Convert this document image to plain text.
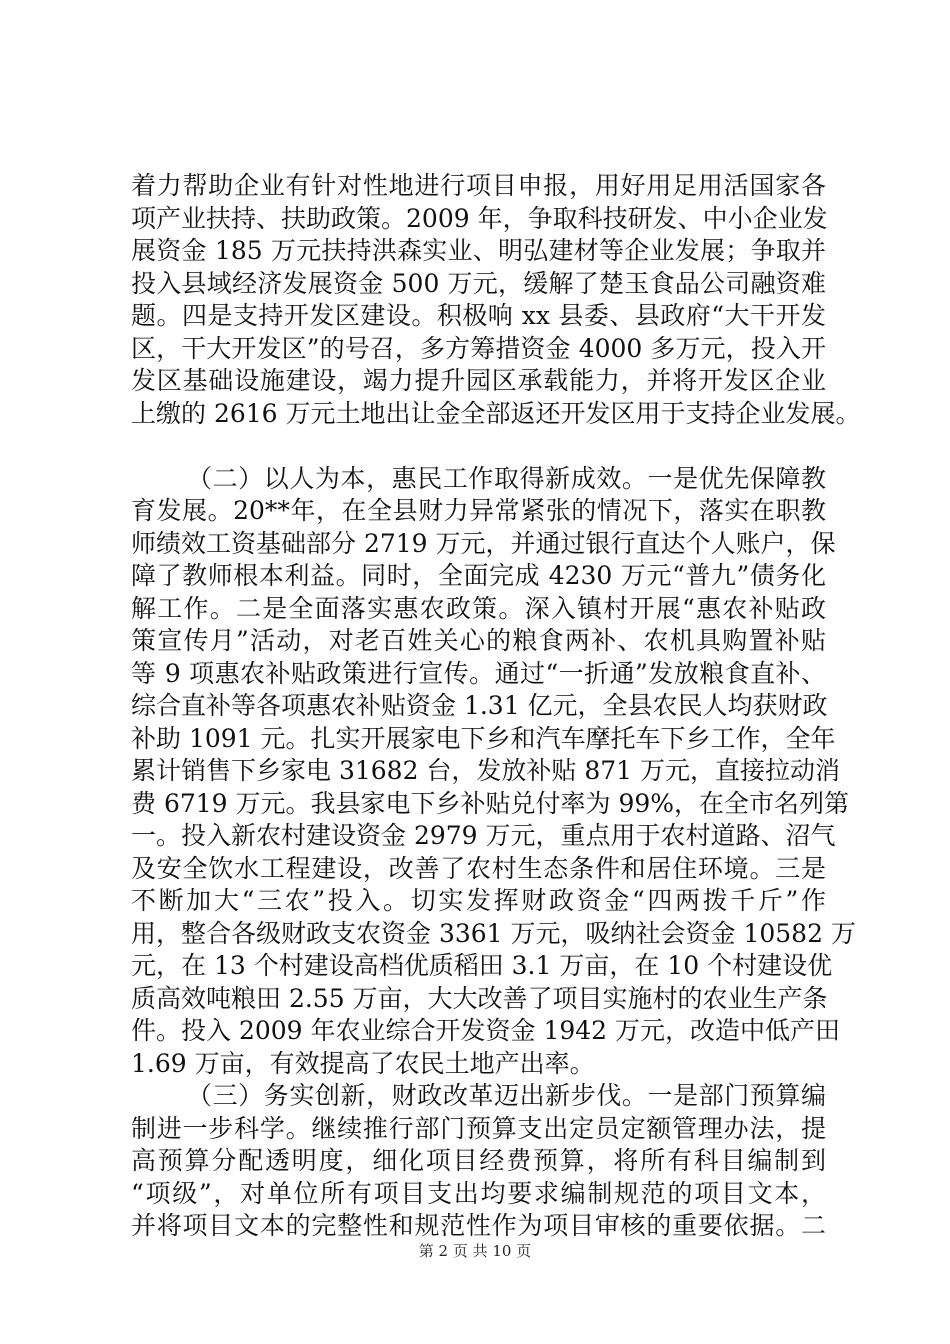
着力帮助企业有针对性地进行项目申报，用好用足用活国家各
项产业扶持、扶助政策。2009 年，争取科技研发、中小企业发
展资金 185 万元扶持洪森实业、明弘建材等企业发展；争取并
投入县域经济发展资金 500 万元，缓解了楚玉食品公司融资难
题。四是支持开发区建设。积极响 xx 县委、县政府“大干开发
区，干大开发区”的号召，多方筹措资金 4000 多万元，投入开
发区基础设施建设，竭力提升园区承载能力，并将开发区企业
上缴的 2616 万元土地出让金全部返还开发区用于支持企业发展。
（二）以人为本，惠民工作取得新成效。一是优先保障教
育发展。20**年，在全县财力异常紧张的情况下，落实在职教
师绩效工资基础部分 2719 万元，并通过银行直达个人账户，保
障了教师根本利益。同时，全面完成 4230 万元“普九”债务化
解工作。二是全面落实惠农政策。深入镇村开展“惠农补贴政
策宣传月”活动，对老百姓关心的粮食两补、农机具购置补贴
等 9 项惠农补贴政策进行宣传。通过“一折通”发放粮食直补、
综合直补等各项惠农补贴资金 1.31 亿元，全县农民人均获财政
补助 1091 元。扎实开展家电下乡和汽车摩托车下乡工作，全年
累计销售下乡家电 31682 台，发放补贴 871 万元，直接拉动消
费 6719 万元。我县家电下乡补贴兑付率为 99%，在全市名列第
一。投入新农村建设资金 2979 万元，重点用于农村道路、沼气
及安全饮水工程建设，改善了农村生态条件和居住环境。三是
不断加大“三农”投入。切实发挥财政资金“四两拨千斤”作
用，整合各级财政支农资金 3361 万元，吸纳社会资金 10582 万
元，在 13 个村建设高档优质稻田 3.1 万亩，在 10 个村建设优
质高效吨粮田 2.55 万亩，大大改善了项目实施村的农业生产条
件。投入 2009 年农业综合开发资金 1942 万元，改造中低产田
1.69 万亩，有效提高了农民土地产出率。
（三）务实创新，财政改革迈出新步伐。一是部门预算编
制进一步科学。继续推行部门预算支出定员定额管理办法，提
高预算分配透明度，细化项目经费预算，将所有科目编制到
“项级”，对单位所有项目支出均要求编制规范的项目文本，
并将项目文本的完整性和规范性作为项目审核的重要依据。二
第 2 页 共 10 页
